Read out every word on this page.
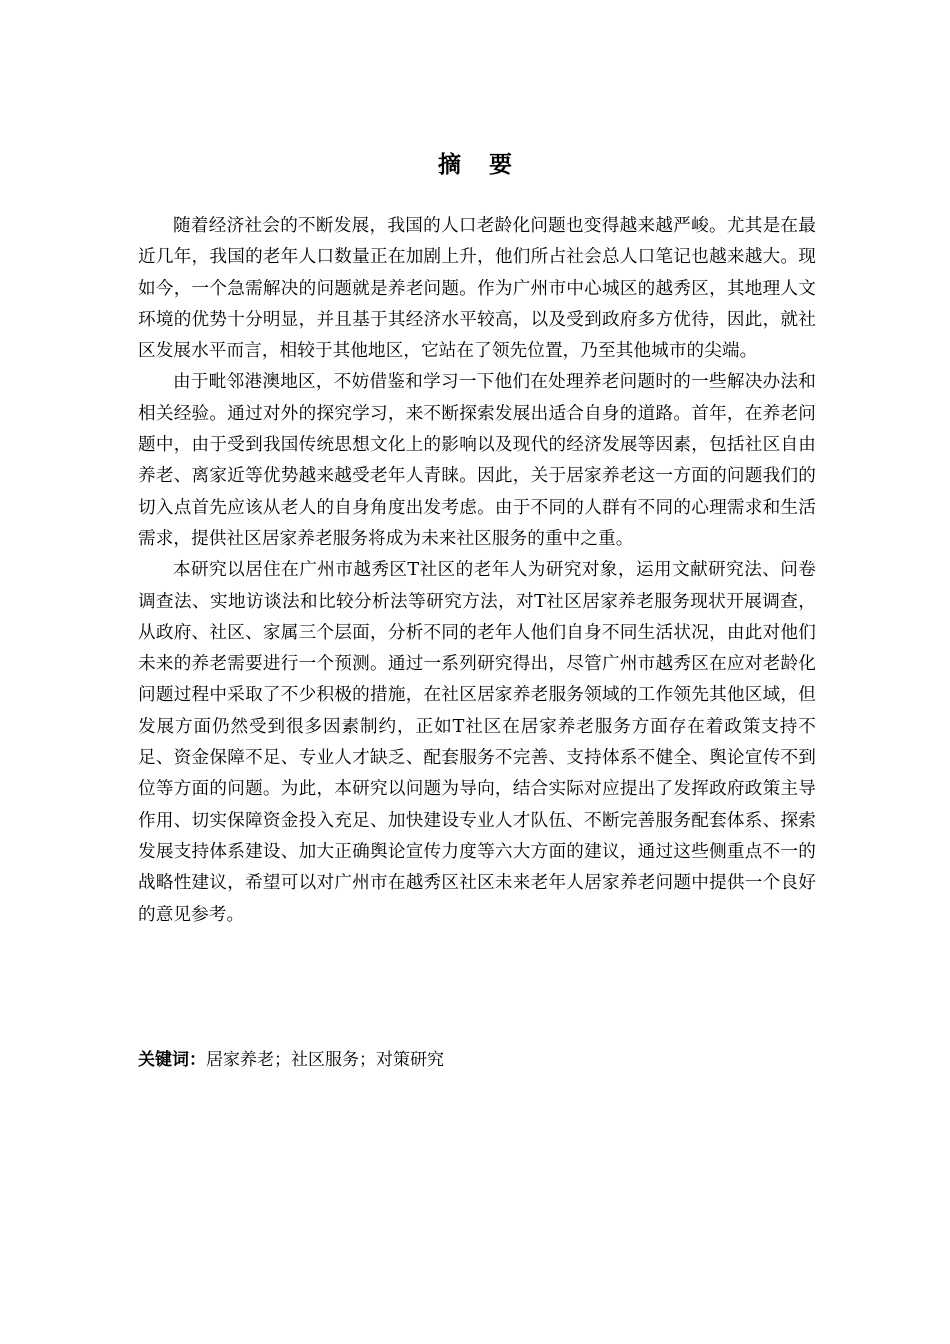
摘要

随着经济社会的不断发展，我国的人口老龄化问题也变得越来越严峻。尤其是在最近几年，我国的老年人口数量正在加剧上升，他们所占社会总人口笔记也越来越大。现如今，一个急需解决的问题就是养老问题。作为广州市中心城区的越秀区，其地理人文环境的优势十分明显，并且基于其经济水平较高，以及受到政府多方优待，因此，就社区发展水平而言，相较于其他地区，它站在了领先位置，乃至其他城市的尖端。

由于毗邻港澳地区，不妨借鉴和学习一下他们在处理养老问题时的一些解决办法和相关经验。通过对外的探究学习，来不断探索发展出适合自身的道路。首年，在养老问题中，由于受到我国传统思想文化上的影响以及现代的经济发展等因素，包括社区自由养老、离家近等优势越来越受老年人青睐。因此，关于居家养老这一方面的问题我们的切入点首先应该从老人的自身角度出发考虑。由于不同的人群有不同的心理需求和生活需求，提供社区居家养老服务将成为未来社区服务的重中之重。

本研究以居住在广州市越秀区T社区的老年人为研究对象，运用文献研究法、问卷调查法、实地访谈法和比较分析法等研究方法，对T社区居家养老服务现状开展调查，从政府、社区、家属三个层面，分析不同的老年人他们自身不同生活状况，由此对他们未来的养老需要进行一个预测。通过一系列研究得出，尽管广州市越秀区在应对老龄化问题过程中采取了不少积极的措施，在社区居家养老服务领域的工作领先其他区域，但发展方面仍然受到很多因素制约，正如T社区在居家养老服务方面存在着政策支持不足、资金保障不足、专业人才缺乏、配套服务不完善、支持体系不健全、舆论宣传不到位等方面的问题。为此，本研究以问题为导向，结合实际对应提出了发挥政府政策主导作用、切实保障资金投入充足、加快建设专业人才队伍、不断完善服务配套体系、探索发展支持体系建设、加大正确舆论宣传力度等六大方面的建议，通过这些侧重点不一的战略性建议，希望可以对广州市在越秀区社区未来老年人居家养老问题中提供一个良好的意见参考。

关键词：居家养老；社区服务；对策研究
